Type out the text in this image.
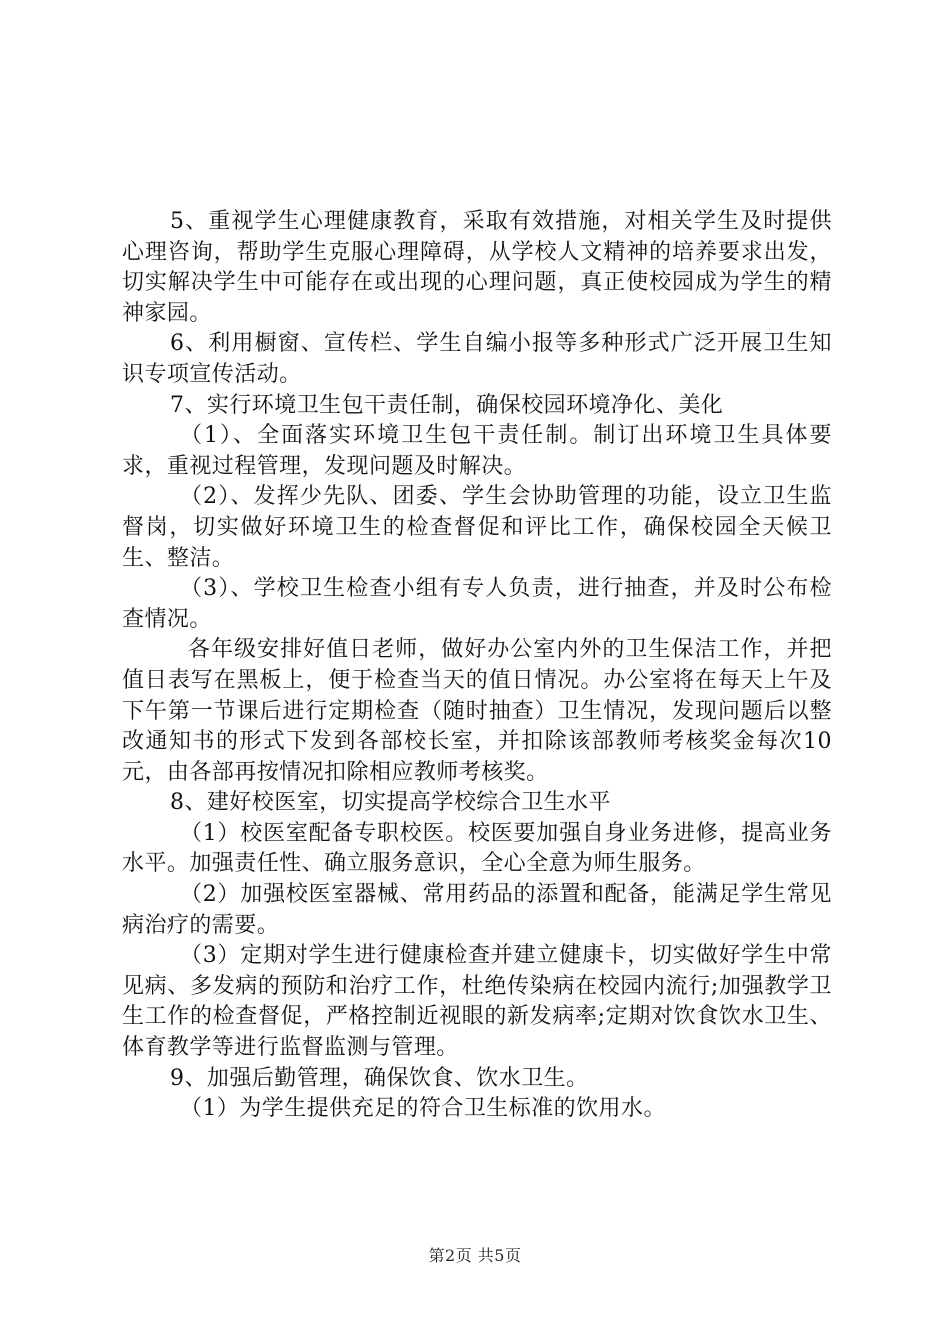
5、重视学生心理健康教育，采取有效措施，对相关学生及时提供心理咨询，帮助学生克服心理障碍，从学校人文精神的培养要求出发，切实解决学生中可能存在或出现的心理问题，真正使校园成为学生的精神家园。

6、利用橱窗、宣传栏、学生自编小报等多种形式广泛开展卫生知识专项宣传活动。

7、实行环境卫生包干责任制，确保校园环境净化、美化

（1）、全面落实环境卫生包干责任制。制订出环境卫生具体要求，重视过程管理，发现问题及时解决。

（2）、发挥少先队、团委、学生会协助管理的功能，设立卫生监督岗，切实做好环境卫生的检查督促和评比工作，确保校园全天候卫生、整洁。

（3）、学校卫生检查小组有专人负责，进行抽查，并及时公布检查情况。

各年级安排好值日老师，做好办公室内外的卫生保洁工作，并把值日表写在黑板上，便于检查当天的值日情况。办公室将在每天上午及下午第一节课后进行定期检查（随时抽查）卫生情况，发现问题后以整改通知书的形式下发到各部校长室，并扣除该部教师考核奖金每次10元，由各部再按情况扣除相应教师考核奖。

8、建好校医室，切实提高学校综合卫生水平

（1）校医室配备专职校医。校医要加强自身业务进修，提高业务水平。加强责任性、确立服务意识，全心全意为师生服务。

（2）加强校医室器械、常用药品的添置和配备，能满足学生常见病治疗的需要。

（3）定期对学生进行健康检查并建立健康卡，切实做好学生中常见病、多发病的预防和治疗工作，杜绝传染病在校园内流行;加强教学卫生工作的检查督促，严格控制近视眼的新发病率;定期对饮食饮水卫生、体育教学等进行监督监测与管理。

9、加强后勤管理，确保饮食、饮水卫生。

（1）为学生提供充足的符合卫生标准的饮用水。

第2页 共5页
